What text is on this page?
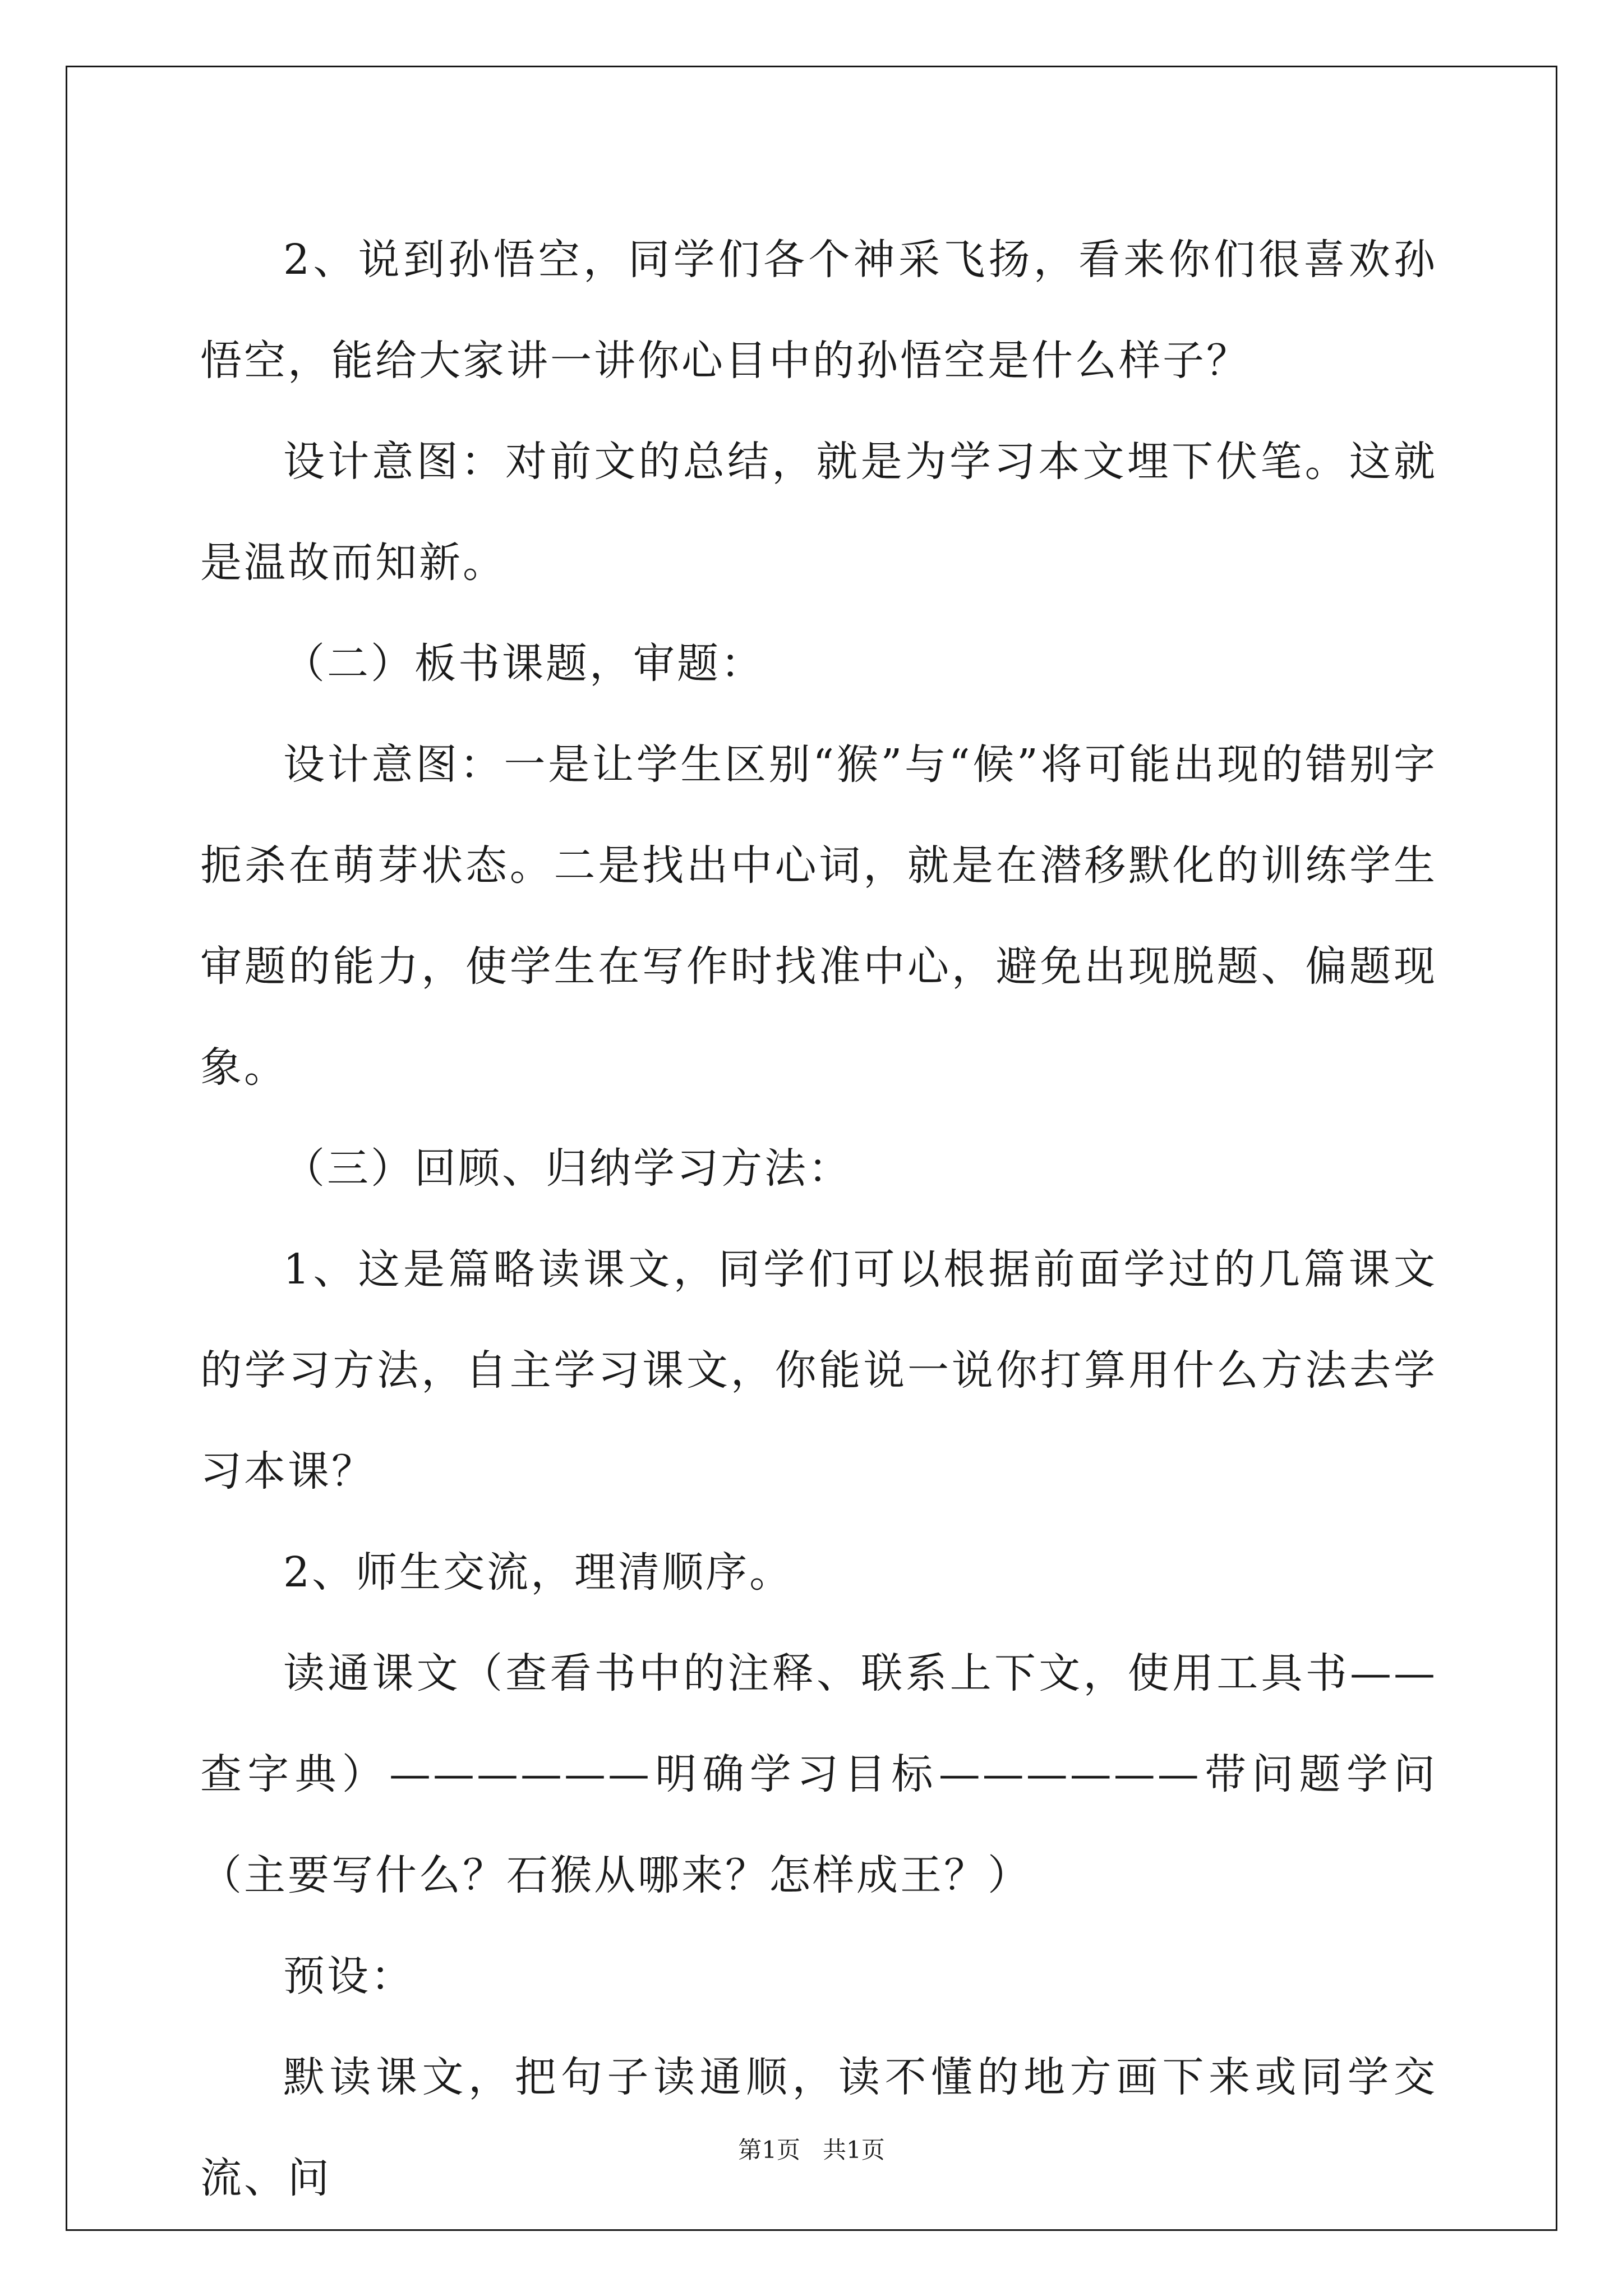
2、说到孙悟空，同学们各个神采飞扬，看来你们很喜欢孙悟空，能给大家讲一讲你心目中的孙悟空是什么样子？

设计意图：对前文的总结，就是为学习本文埋下伏笔。这就是温故而知新。

（二）板书课题，审题：

设计意图：一是让学生区别“猴”与“候”将可能出现的错别字扼杀在萌芽状态。二是找出中心词，就是在潜移默化的训练学生审题的能力，使学生在写作时找准中心，避免出现脱题、偏题现象。

（三）回顾、归纳学习方法：

1、这是篇略读课文，同学们可以根据前面学过的几篇课文的学习方法，自主学习课文，你能说一说你打算用什么方法去学习本课？

2、师生交流，理清顺序。

读通课文（查看书中的注释、联系上下文，使用工具书——查字典）——————明确学习目标——————带问题学问（主要写什么？石猴从哪来？怎样成王？）

预设：

默读课文，把句子读通顺，读不懂的地方画下来或同学交流、问

第1页 共1页
